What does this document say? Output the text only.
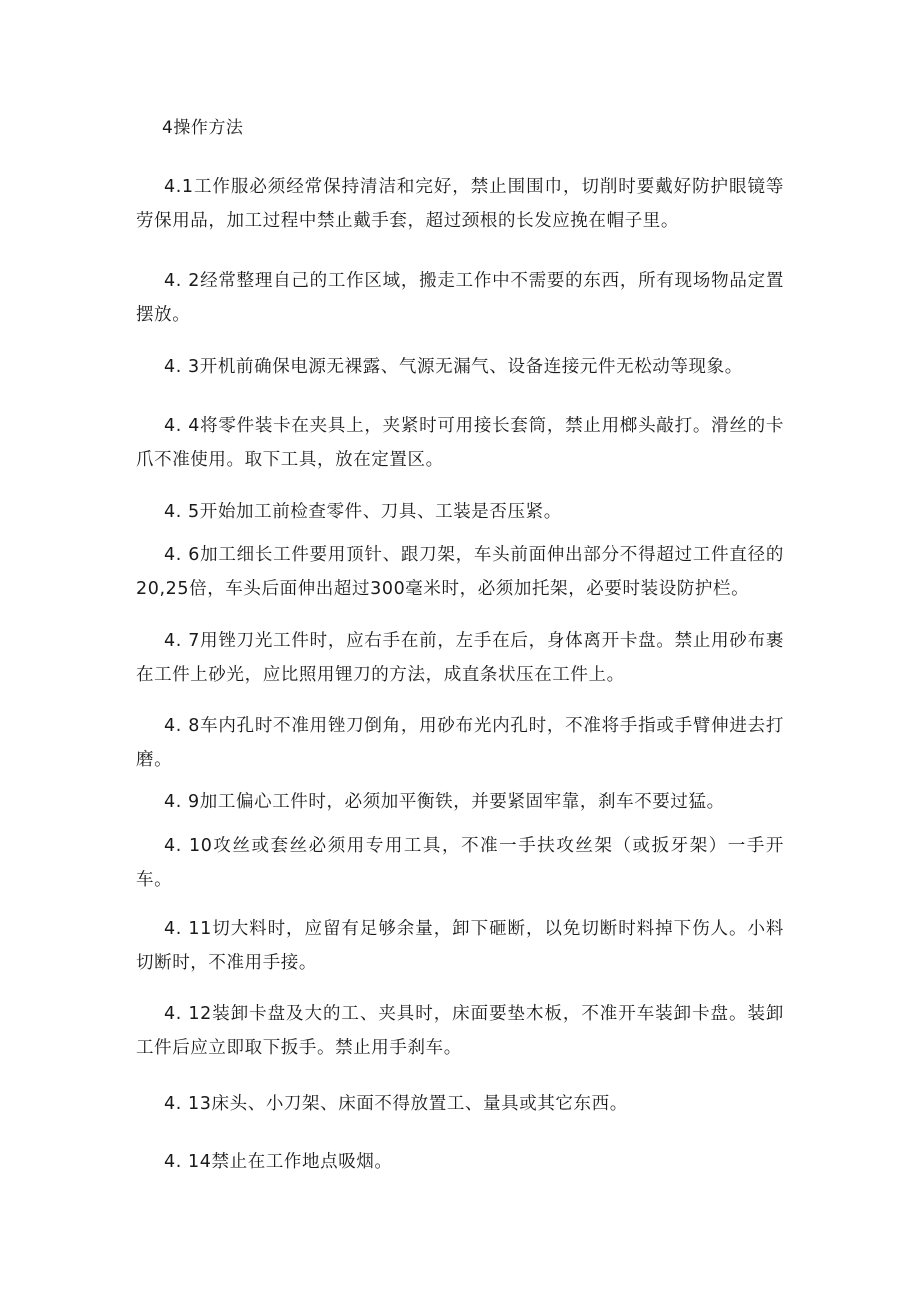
4操作方法

4.1工作服必须经常保持清洁和完好，禁止围围巾，切削时要戴好防护眼镜等劳保用品，加工过程中禁止戴手套，超过颈根的长发应挽在帽子里。

4. 2经常整理自己的工作区域，搬走工作中不需要的东西，所有现场物品定置摆放。

4. 3开机前确保电源无裸露、气源无漏气、设备连接元件无松动等现象。

4. 4将零件装卡在夹具上，夹紧时可用接长套筒，禁止用榔头敲打。滑丝的卡爪不准使用。取下工具，放在定置区。

4. 5开始加工前检查零件、刀具、工装是否压紧。

4. 6加工细长工件要用顶针、跟刀架，车头前面伸出部分不得超过工件直径的20,25倍，车头后面伸出超过300毫米时，必须加托架，必要时装设防护栏。

4. 7用锉刀光工件时，应右手在前，左手在后，身体离开卡盘。禁止用砂布裹在工件上砂光，应比照用锂刀的方法，成直条状压在工件上。

4. 8车内孔时不准用锉刀倒角，用砂布光内孔时，不准将手指或手臂伸进去打磨。

4. 9加工偏心工件时，必须加平衡铁，并要紧固牢靠，刹车不要过猛。

4. 10攻丝或套丝必须用专用工具，不准一手扶攻丝架（或扳牙架）一手开车。

4. 11切大料时，应留有足够余量，卸下砸断，以免切断时料掉下伤人。小料切断时，不准用手接。

4. 12装卸卡盘及大的工、夹具时，床面要垫木板，不准开车装卸卡盘。装卸工件后应立即取下扳手。禁止用手刹车。

4. 13床头、小刀架、床面不得放置工、量具或其它东西。

4. 14禁止在工作地点吸烟。
